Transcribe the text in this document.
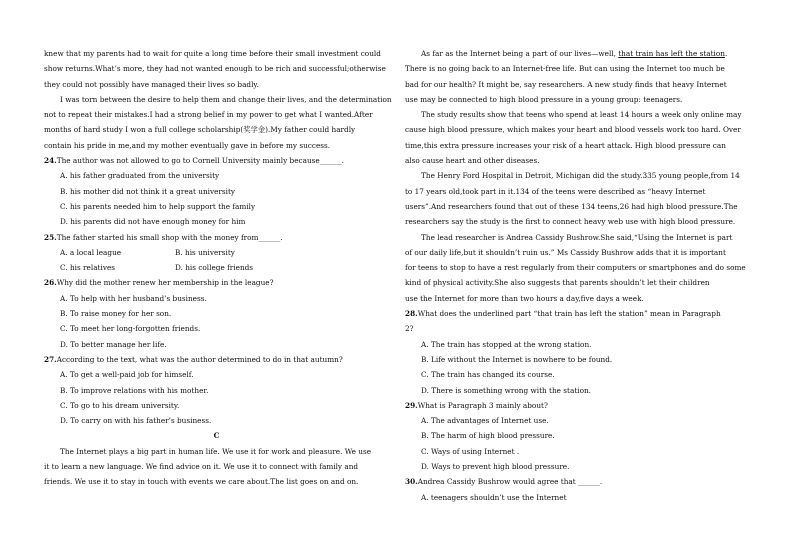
knew that my parents had to wait for quite a long time before their small investment could
show returns.What’s more, they had not wanted enough to be rich and successful;otherwise
they could not possibly have managed their lives so badly.
I was torn between the desire to help them and change their lives, and the determination
not to repeat their mistakes.I had a strong belief in my power to get what I wanted.After
months of hard study I won a full college scholarship(奖学金).My father could hardly
contain his pride in me,and my mother eventually gave in before my success.
24.The author was not allowed to go to Cornell University mainly because______.
A. his father graduated from the university
B. his mother did not think it a great university
C. his parents needed him to help support the family
D. his parents did not have enough money for him
25.The father started his small shop with the money from______.
A. a local league	B. his university
C. his relatives	D. his college friends
26.Why did the mother renew her membership in the league?
A. To help with her husband’s business.
B. To raise money for her son.
C. To meet her long-forgotten friends.
D. To better manage her life.
27.According to the text, what was the author determined to do in that autumn?
A. To get a well-paid job for himself.
B. To improve relations with his mother.
C. To go to his dream university.
D. To carry on with his father’s business.
C
The Internet plays a big part in human life. We use it for work and pleasure. We use
it to learn a new language. We find advice on it. We use it to connect with family and
friends. We use it to stay in touch with events we care about.The list goes on and on.
As far as the Internet being a part of our lives—well, that train has left the station.
There is no going back to an Internet-free life. But can using the Internet too much be
bad for our health? It might be, say researchers. A new study finds that heavy Internet
use may be connected to high blood pressure in a young group: teenagers.
The study results show that teens who spend at least 14 hours a week only online may
cause high blood pressure, which makes your heart and blood vessels work too hard. Over
time,this extra pressure increases your risk of a heart attack. High blood pressure can
also cause heart and other diseases.
The Henry Ford Hospital in Detroit, Michigan did the study.335 young people,from 14
to 17 years old,took part in it.134 of the teens were described as “heavy Internet
users”.And researchers found that out of these 134 teens,26 had high blood pressure.The
researchers say the study is the first to connect heavy web use with high blood pressure.
The lead researcher is Andrea Cassidy Bushrow.She said,“Using the Internet is part
of our daily life,but it shouldn’t ruin us.” Ms Cassidy Bushrow adds that it is important
for teens to stop to have a rest regularly from their computers or smartphones and do some
kind of physical activity.She also suggests that parents shouldn’t let their children
use the Internet for more than two hours a day,five days a week.
28.What does the underlined part “that train has left the station” mean in Paragraph
2?
A. The train has stopped at the wrong station.
B. Life without the Internet is nowhere to be found.
C. The train has changed its course.
D. There is something wrong with the station.
29.What is Paragraph 3 mainly about?
A. The advantages of Internet use.
B. The harm of high blood pressure.
C. Ways of using Internet .
D. Ways to prevent high blood pressure.
30.Andrea Cassidy Bushrow would agree that ______.
A. teenagers shouldn’t use the Internet
